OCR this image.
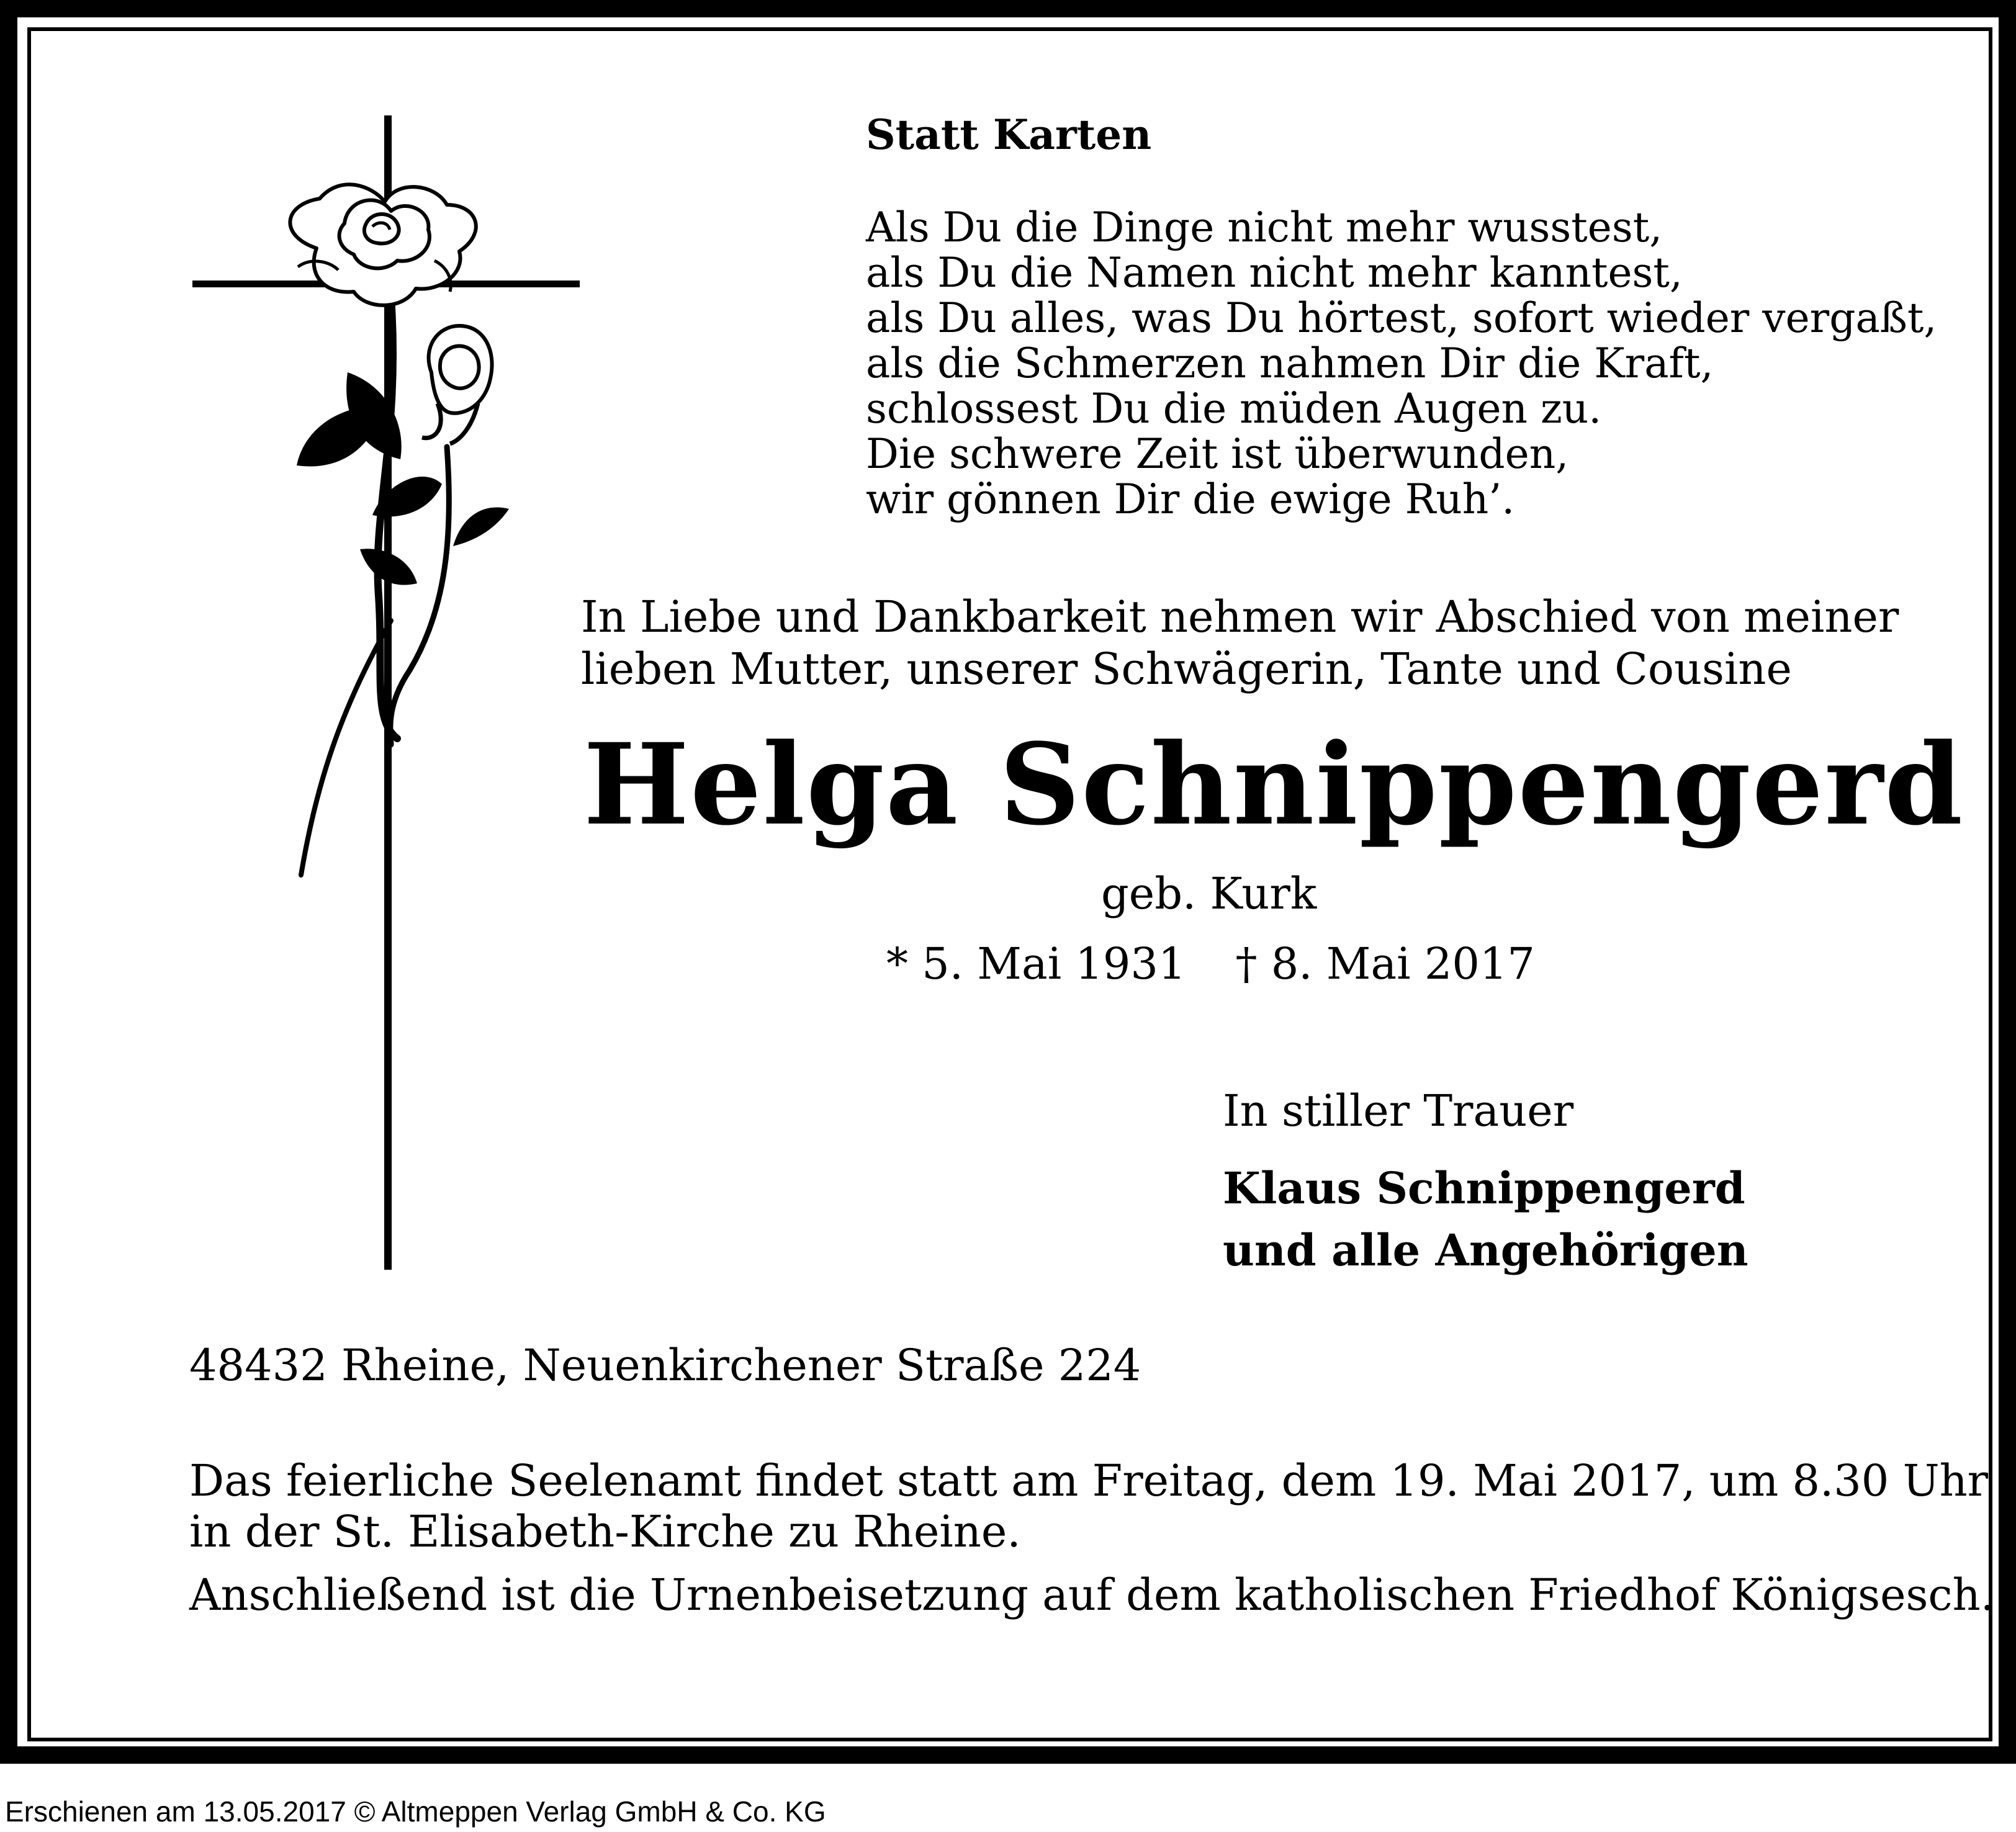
Statt Karten
Als Du die Dinge nicht mehr wusstest,
als Du die Namen nicht mehr kanntest,
als Du alles, was Du hörtest, sofort wieder vergaßt,
als die Schmerzen nahmen Dir die Kraft,
schlossest Du die müden Augen zu.
Die schwere Zeit ist überwunden,
wir gönnen Dir die ewige Ruh’.
In Liebe und Dankbarkeit nehmen wir Abschied von meiner
lieben Mutter, unserer Schwägerin, Tante und Cousine
Helga Schnippengerd
geb. Kurk
* 5. Mai 1931 † 8. Mai 2017
In stiller Trauer
Klaus Schnippengerd
und alle Angehörigen
48432 Rheine, Neuenkirchener Straße 224
Das feierliche Seelenamt findet statt am Freitag, dem 19. Mai 2017, um 8.30 Uhr
in der St. Elisabeth-Kirche zu Rheine.
Anschließend ist die Urnenbeisetzung auf dem katholischen Friedhof Königsesch.
Erschienen am 13.05.2017 © Altmeppen Verlag GmbH & Co. KG
